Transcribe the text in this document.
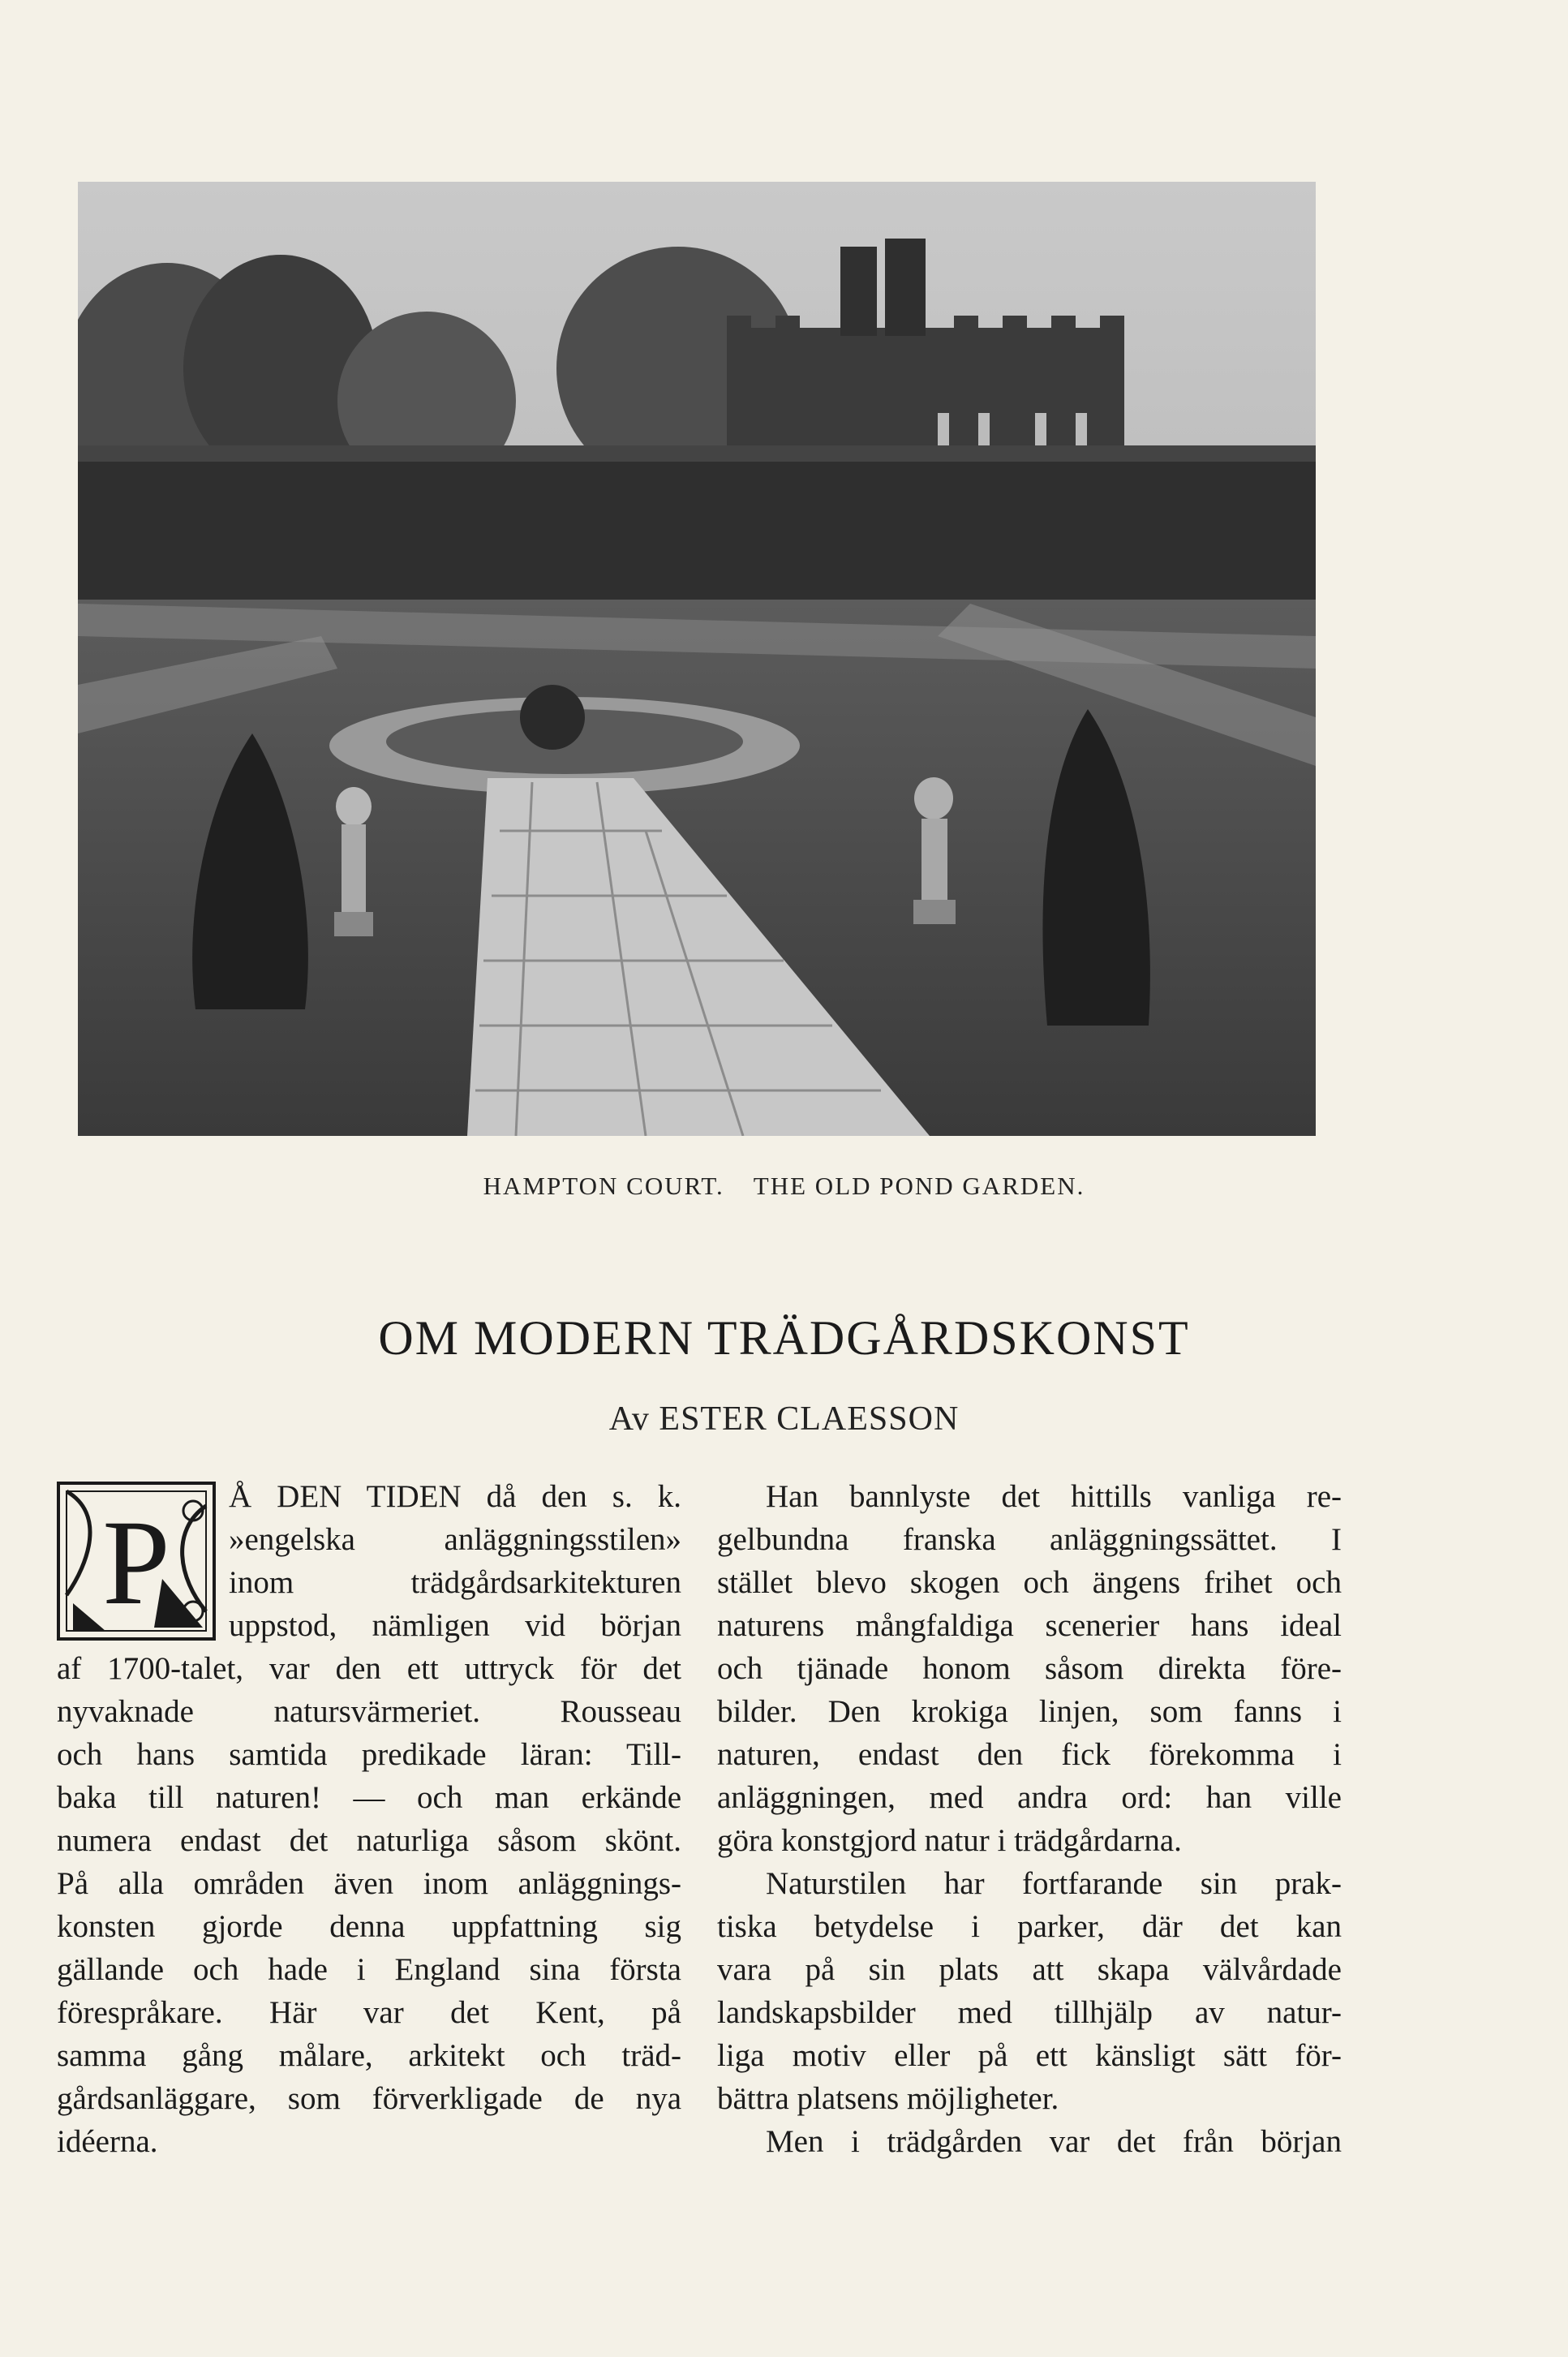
HAMPTON COURT. THE OLD POND GARDEN.
OM MODERN TRÄDGÅRDSKONST
Av ESTER CLAESSON
P Å DEN TIDEN då den s. k.
»engelska anläggningsstilen»
inom trädgårdsarkitekturen
uppstod, nämligen vid början
af 1700-talet, var den ett uttryck för det
nyvaknade natursvärmeriet. Rousseau
och hans samtida predikade läran: Till-
baka till naturen! — och man erkände
numera endast det naturliga såsom skönt.
På alla områden även inom anläggnings-
konsten gjorde denna uppfattning sig
gällande och hade i England sina första
förespråkare. Här var det Kent, på
samma gång målare, arkitekt och träd-
gårdsanläggare, som förverkligade de nya
idéerna.
Han bannlyste det hittills vanliga re-
gelbundna franska anläggningssättet. I
stället blevo skogen och ängens frihet och
naturens mångfaldiga scenerier hans ideal
och tjänade honom såsom direkta före-
bilder. Den krokiga linjen, som fanns i
naturen, endast den fick förekomma i
anläggningen, med andra ord: han ville
göra konstgjord natur i trädgårdarna.
Naturstilen har fortfarande sin prak-
tiska betydelse i parker, där det kan
vara på sin plats att skapa välvårdade
landskapsbilder med tillhjälp av natur-
liga motiv eller på ett känsligt sätt för-
bättra platsens möjligheter.
Men i trädgården var det från början
